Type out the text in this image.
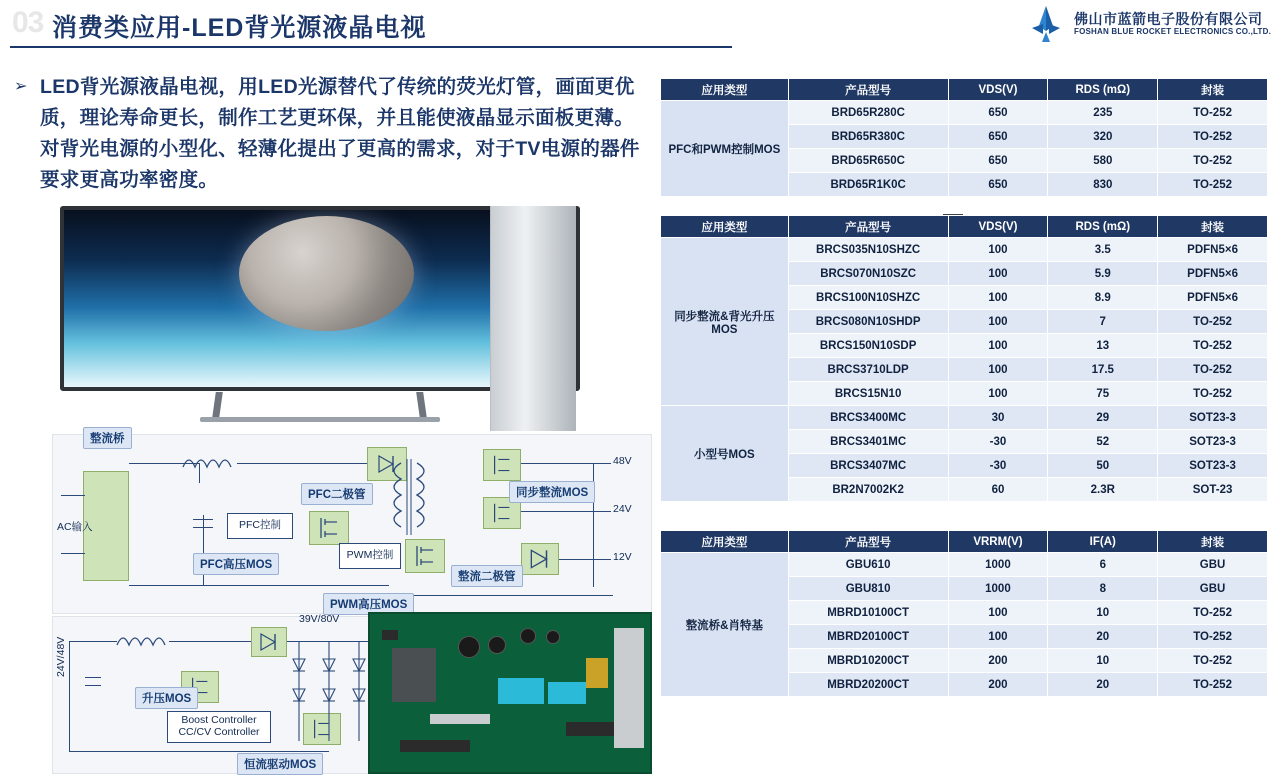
03 消费类应用-LED背光源液晶电视	佛山市蓝箭电子股份有限公司
FOSHAN BLUE ROCKET ELECTRONICS CO.,LTD.
➢ LED背光源液晶电视，用LED光源替代了传统的荧光灯管，画面更优质，理论寿命更长，制作工艺更环保，并且能使液晶显示面板更薄。对背光电源的小型化、轻薄化提出了更高的需求，对于TV电源的器件要求更高功率密度。
PFC控制
PWM控制
48V
24V
12V
AC输入
整流桥
PFC二极管
PFC高压MOS
PWM高压MOS
同步整流MOS
整流二极管
Boost Controller
CC/CV Controller
24V/48V
39V/80V
升压MOS
恒流驱动MOS
应用类型	产品型号	VDS(V)	RDS (mΩ)	封装
PFC和PWM控制MOS	BRD65R280C	650	235	TO-252
	BRD65R380C	650	320	TO-252
	BRD65R650C	650	580	TO-252
	BRD65R1K0C	650	830	TO-252
应用类型	产品型号	VDS(V)	RDS (mΩ)	封装
同步整流&背光升压MOS	BRCS035N10SHZC	100	3.5	PDFN5×6
	BRCS070N10SZC	100	5.9	PDFN5×6
	BRCS100N10SHZC	100	8.9	PDFN5×6
	BRCS080N10SHDP	100	7	TO-252
	BRCS150N10SDP	100	13	TO-252
	BRCS3710LDP	100	17.5	TO-252
	BRCS15N10	100	75	TO-252
小型号MOS	BRCS3400MC	30	29	SOT23-3
	BRCS3401MC	-30	52	SOT23-3
	BRCS3407MC	-30	50	SOT23-3
	BR2N7002K2	60	2.3R	SOT-23
应用类型	产品型号	VRRM(V)	IF(A)	封装
整流桥&肖特基	GBU610	1000	6	GBU
	GBU810	1000	8	GBU
	MBRD10100CT	100	10	TO-252
	MBRD20100CT	100	20	TO-252
	MBRD10200CT	200	10	TO-252
	MBRD20200CT	200	20	TO-252
